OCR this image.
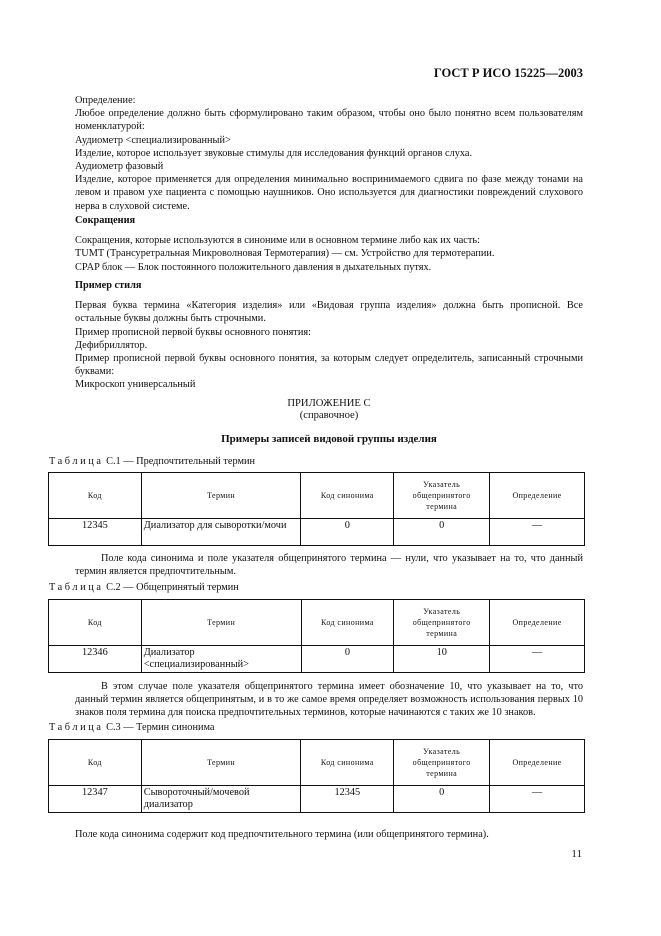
ГОСТ Р ИСО 15225—2003

Определение:

Любое определение должно быть сформулировано таким образом, чтобы оно было понятно всем пользователям номенклатурой:

Аудиометр <специализированный>

Изделие, которое использует звуковые стимулы для исследования функций органов слуха.

Аудиометр фазовый

Изделие, которое применяется для определения минимально воспринимаемого сдвига по фазе между тонами на левом и правом ухе пациента с помощью наушников. Оно используется для диагностики повреждений слухового нерва в слуховой системе.

Сокращения

Сокращения, которые используются в синониме или в основном термине либо как их часть:

TUMT (Трансуретральная Микроволновая Термотерапия) — см. Устройство для термотерапии.

CPAP блок — Блок постоянного положительного давления в дыхательных путях.

Пример стиля

Первая буква термина «Категория изделия» или «Видовая группа изделия» должна быть прописной. Все остальные буквы должны быть строчными.

Пример прописной первой буквы основного понятия:

Дефибриллятор.

Пример прописной первой буквы основного понятия, за которым следует определитель, записанный строчными буквами:

Микроскоп универсальный

ПРИЛОЖЕНИЕ С
(справочное)
Примеры записей видовой группы изделия
Таблица С.1 — Предпочтительный термин
Код	Термин	Код синонима	Указатель
общепринятого
термина	Определение
12345	Диализатор для сыворотки/мочи	0	0	—

Поле кода синонима и поле указателя общепринятого термина — нули, что указывает на то, что данный термин является предпочтительным.

Таблица С.2 — Общепринятый термин
Код	Термин	Код синонима	Указатель
общепринятого
термина	Определение
12346	Диализатор <специализированный>	0	10	—

В этом случае поле указателя общепринятого термина имеет обозначение 10, что указывает на то, что данный термин является общепринятым, и в то же самое время определяет возможность использования первых 10 знаков поля термина для поиска предпочтительных терминов, которые начинаются с таких же 10 знаков.

Таблица С.3 — Термин синонима
Код	Термин	Код синонима	Указатель
общепринятого
термина	Определение
12347	Сывороточный/мочевой диализатор	12345	0	—

Поле кода синонима содержит код предпочтительного термина (или общепринятого термина).

11
